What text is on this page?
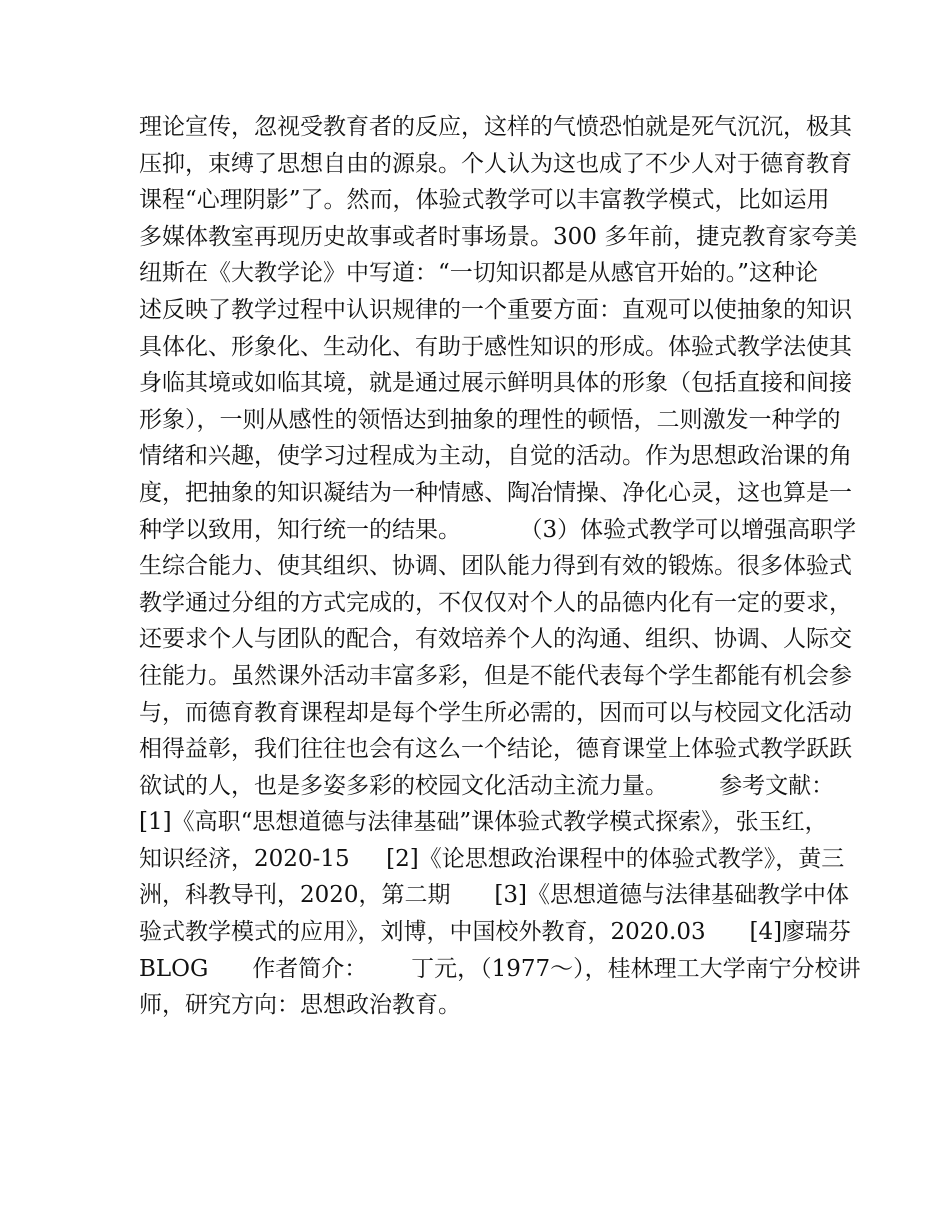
理论宣传，忽视受教育者的反应，这样的气愤恐怕就是死气沉沉，极其
压抑，束缚了思想自由的源泉。个人认为这也成了不少人对于德育教育
课程“心理阴影”了。然而，体验式教学可以丰富教学模式，比如运用
多媒体教室再现历史故事或者时事场景。300 多年前，捷克教育家夸美
纽斯在《大教学论》中写道：“一切知识都是从感官开始的。”这种论
述反映了教学过程中认识规律的一个重要方面：直观可以使抽象的知识
具体化、形象化、生动化、有助于感性知识的形成。体验式教学法使其
身临其境或如临其境，就是通过展示鲜明具体的形象（包括直接和间接
形象），一则从感性的领悟达到抽象的理性的顿悟，二则激发一种学的
情绪和兴趣，使学习过程成为主动，自觉的活动。作为思想政治课的角
度，把抽象的知识凝结为一种情感、陶冶情操、净化心灵，这也算是一
种学以致用，知行统一的结果。        （3）体验式教学可以增强高职学
生综合能力、使其组织、协调、团队能力得到有效的锻炼。很多体验式
教学通过分组的方式完成的，不仅仅对个人的品德内化有一定的要求，
还要求个人与团队的配合，有效培养个人的沟通、组织、协调、人际交
往能力。虽然课外活动丰富多彩，但是不能代表每个学生都能有机会参
与，而德育教育课程却是每个学生所必需的，因而可以与校园文化活动
相得益彰，我们往往也会有这么一个结论，德育课堂上体验式教学跃跃
欲试的人，也是多姿多彩的校园文化活动主流力量。       参考文献：
[1]《高职“思想道德与法律基础”课体验式教学模式探索》，张玉红，
知识经济，2020-15     [2]《论思想政治课程中的体验式教学》，黄三
洲，科教导刊，2020，第二期      [3]《思想道德与法律基础教学中体
验式教学模式的应用》，刘博，中国校外教育，2020.03      [4]廖瑞芬
BLOG      作者简介：      丁元，（1977～），桂林理工大学南宁分校讲
师，研究方向：思想政治教育。
